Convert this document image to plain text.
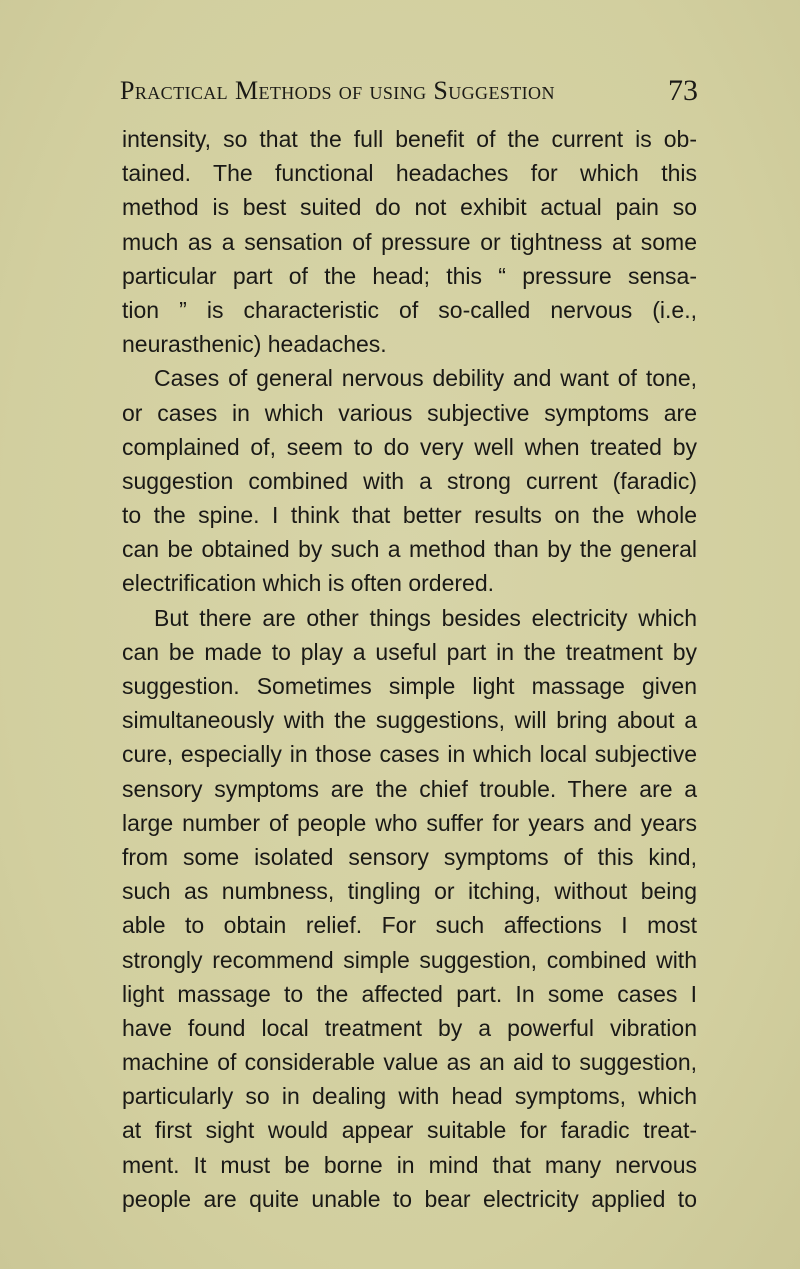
Practical Methods of using Suggestion	73
intensity, so that the full benefit of the current is ob-
tained. The functional headaches for which this
method is best suited do not exhibit actual pain so
much as a sensation of pressure or tightness at some
particular part of the head; this “ pressure sensa-
tion ” is characteristic of so-called nervous (i.e.,
neurasthenic) headaches.
Cases of general nervous debility and want of tone,
or cases in which various subjective symptoms are
complained of, seem to do very well when treated by
suggestion combined with a strong current (faradic)
to the spine. I think that better results on the whole
can be obtained by such a method than by the general
electrification which is often ordered.
But there are other things besides electricity which
can be made to play a useful part in the treatment by
suggestion. Sometimes simple light massage given
simultaneously with the suggestions, will bring about a
cure, especially in those cases in which local subjective
sensory symptoms are the chief trouble. There are a
large number of people who suffer for years and years
from some isolated sensory symptoms of this kind,
such as numbness, tingling or itching, without being
able to obtain relief. For such affections I most
strongly recommend simple suggestion, combined with
light massage to the affected part. In some cases I
have found local treatment by a powerful vibration
machine of considerable value as an aid to suggestion,
particularly so in dealing with head symptoms, which
at first sight would appear suitable for faradic treat-
ment. It must be borne in mind that many nervous
people are quite unable to bear electricity applied to
